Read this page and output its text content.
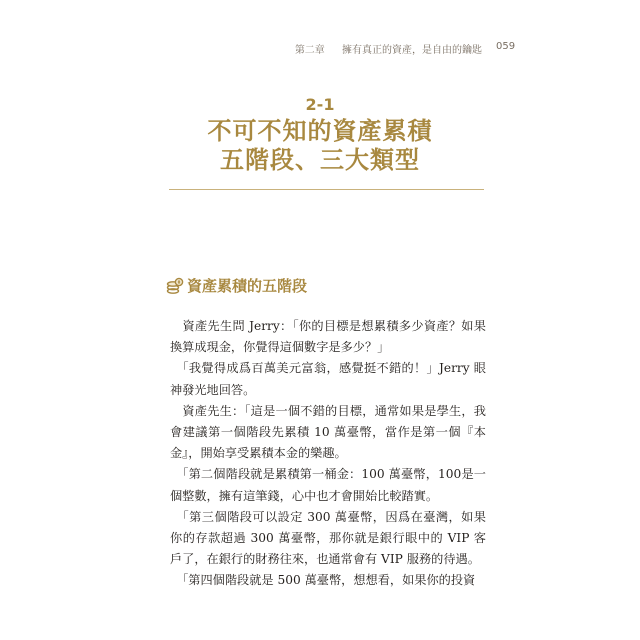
第二章 擁有真正的資產，是自由的鑰匙 059
2-1
不可不知的資產累積
五階段、三大類型
資產累積的五階段

　資產先生問 Jerry：「你的目標是想累積多少資產？如果換算成現金，你覺得這個數字是多少？」

　「我覺得成爲百萬美元富翁，感覺挺不錯的！」Jerry 眼神發光地回答。

　資產先生：「這是一個不錯的目標，通常如果是學生，我會建議第一個階段先累積 10 萬臺幣，當作是第一個『本金』，開始享受累積本金的樂趣。

　「第二個階段就是累積第一桶金：100 萬臺幣，100是一個整數，擁有這筆錢，心中也才會開始比較踏實。

　「第三個階段可以設定 300 萬臺幣，因爲在臺灣，如果你的存款超過 300 萬臺幣，那你就是銀行眼中的 VIP 客戶了，在銀行的財務往來，也通常會有 VIP 服務的待遇。

　「第四個階段就是 500 萬臺幣，想想看，如果你的投資
